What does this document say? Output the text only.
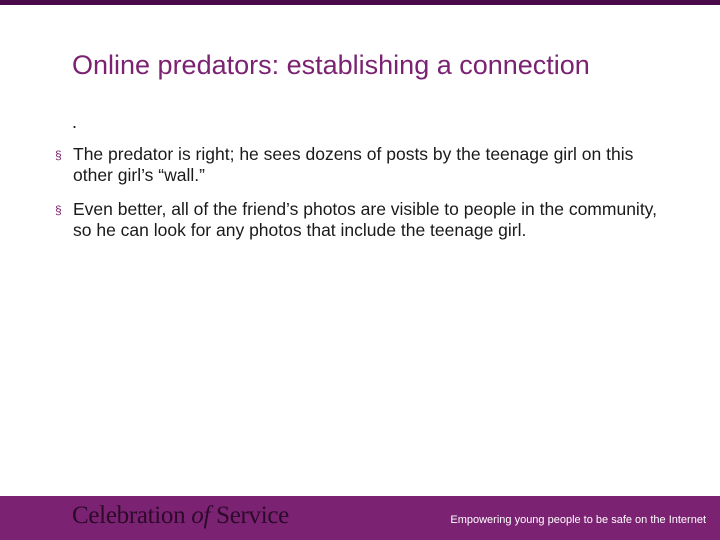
Online predators: establishing a connection
.
§ The predator is right; he sees dozens of posts by the teenage girl on this other girl’s “wall.”
§ Even better, all of the friend’s photos are visible to people in the community, so he can look for any photos that include the teenage girl.
Celebration of Service	Empowering young people to be safe on the Internet
